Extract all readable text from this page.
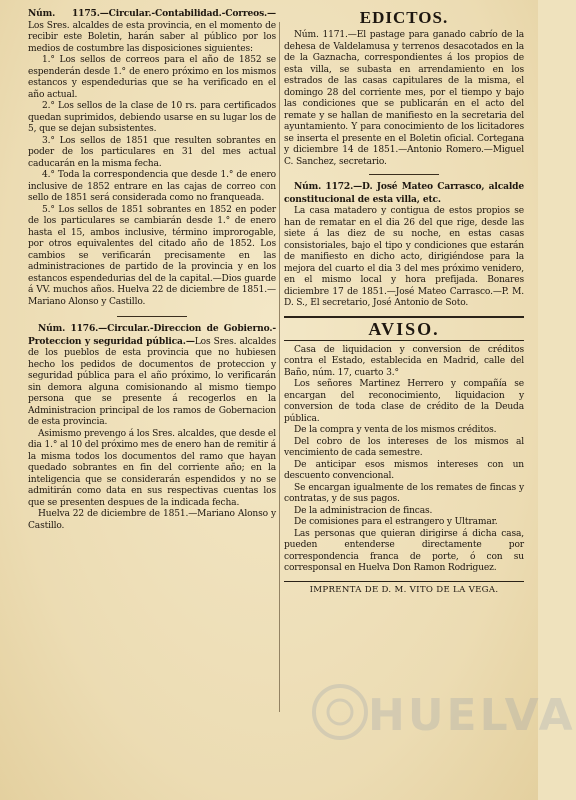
Núm. 1175.—Circular.-Contabilidad.-Correos.—Los Sres. alcaldes de esta provincia, en el momento de recibir este Boletin, harán saber al público por los medios de costumbre las disposiciones siguientes:

1.° Los sellos de correos para el año de 1852 se espenderán desde 1.° de enero próximo en los mismos estancos y espendedurias que se ha verificado en el año actual.

2.° Los sellos de la clase de 10 rs. para certificados quedan suprimidos, debiendo usarse en su lugar los de 5, que se dejan subsistentes.

3.° Los sellos de 1851 que resulten sobrantes en poder de los particulares en 31 del mes actual caducarán en la misma fecha.

4.° Toda la correspondencia que desde 1.° de enero inclusive de 1852 entrare en las cajas de correo con sello de 1851 será considerada como no franqueada.

5.° Los sellos de 1851 sobrantes en 1852 en poder de los particulares se cambiarán desde 1.° de enero hasta el 15, ambos inclusive, término improrogable, por otros equivalentes del citado año de 1852. Los cambios se verificarán precisamente en las administraciones de partido de la provincia y en los estancos espendedurias del de la capital.—Dios guarde á VV. muchos años. Huelva 22 de diciembre de 1851.—Mariano Alonso y Castillo.

Núm. 1176.—Circular.-Direccion de Gobierno.-Proteccion y seguridad pública.—Los Sres. alcaldes de los pueblos de esta provincia que no hubiesen hecho los pedidos de documentos de proteccion y seguridad pública para el año próximo, lo verificarán sin demora alguna comisionando al mismo tiempo persona que se presente á recogerlos en la Administracion principal de los ramos de Gobernacion de esta provincia.

Asimismo prevengo á los Sres. alcaldes, que desde el dia 1.° al 10 del próximo mes de enero han de remitir á la misma todos los documentos del ramo que hayan quedado sobrantes en fin del corriente año; en la inteligencia que se considerarán espendidos y no se admitirán como data en sus respectivas cuentas los que se presenten despues de la indicada fecha.

Huelva 22 de diciembre de 1851.—Mariano Alonso y Castillo.

EDICTOS.

Núm. 1171.—El pastage para ganado cabrío de la dehesa de Valdelamusa y terrenos desacotados en la de la Gaznacha, correspondientes á los propios de esta villa, se subasta en arrendamiento en los estrados de las casas capitulares de la misma, el domingo 28 del corriente mes, por el tiempo y bajo las condiciones que se publicarán en el acto del remate y se hallan de manifiesto en la secretaria del ayuntamiento. Y para conocimiento de los licitadores se inserta el presente en el Boletin oficial. Cortegana y diciembre 14 de 1851.—Antonio Romero.—Miguel C. Sanchez, secretario.

Núm. 1172.—D. José Mateo Carrasco, alcalde constitucional de esta villa, etc.

La casa matadero y contigua de estos propios se han de rematar en el dia 26 del que rige, desde las siete á las diez de su noche, en estas casas consistoriales, bajo el tipo y condiciones que estarán de manifiesto en dicho acto, dirigiéndose para la mejora del cuarto el dia 3 del mes próximo venidero, en el mismo local y hora prefijada. Bonares diciembre 17 de 1851.—José Mateo Carrasco.—P. M. D. S., El secretario, José Antonio de Soto.

AVISO.

Casa de liquidacion y conversion de créditos contra el Estado, establecida en Madrid, calle del Baño, núm. 17, cuarto 3.°

Los señores Martinez Herrero y compañía se encargan del reconocimiento, liquidacion y conversion de toda clase de crédito de la Deuda pública.

De la compra y venta de los mismos créditos.

Del cobro de los intereses de los mismos al vencimiento de cada semestre.

De anticipar esos mismos intereses con un descuento convencional.

Se encargan igualmente de los remates de fincas y contratas, y de sus pagos.

De la administracion de fincas.

De comisiones para el estrangero y Ultramar.

Las personas que quieran dirigirse á dicha casa, pueden entenderse directamente por correspondencia franca de porte, ó con su corresponsal en Huelva Don Ramon Rodriguez.

IMPRENTA DE D. M. VITO DE LA VEGA.
HUELVA
